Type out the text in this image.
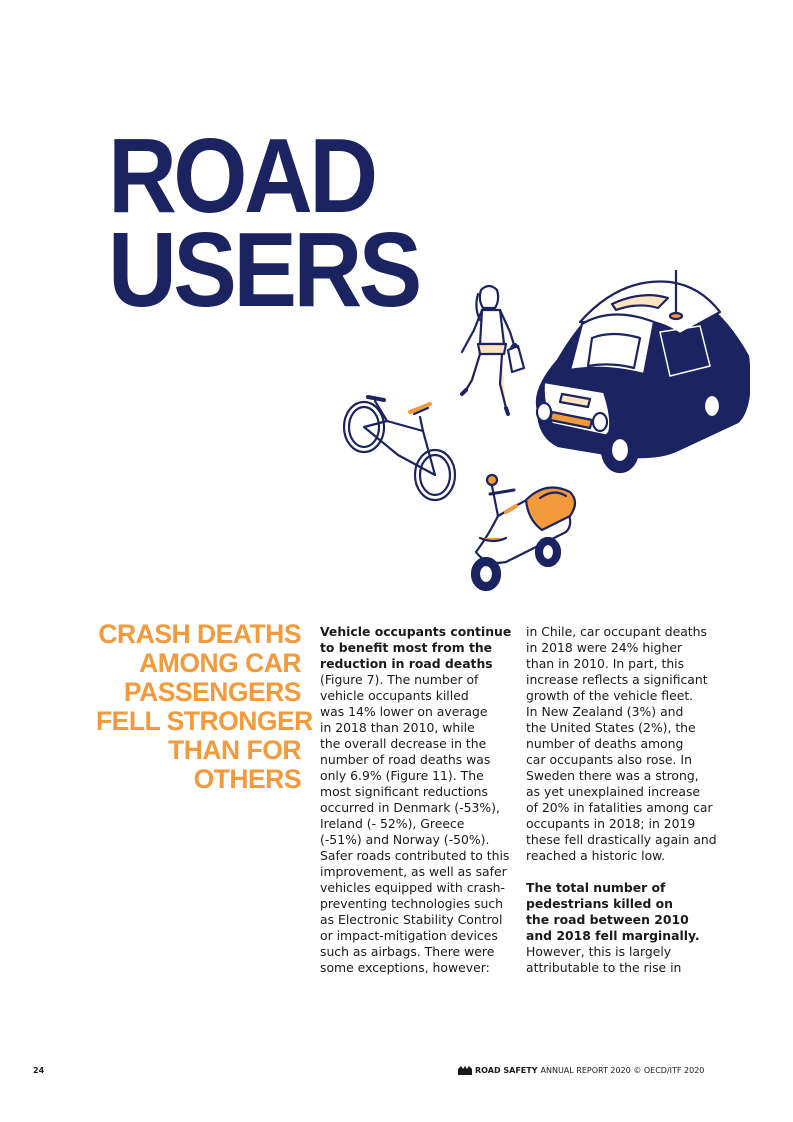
ROAD
USERS
CRASH DEATHS
AMONG CAR
PASSENGERS
FELL STRONGER
THAN FOR
OTHERS
Vehicle occupants continue
to benefit most from the
reduction in road deaths
(Figure 7). The number of
vehicle occupants killed
was 14% lower on average
in 2018 than 2010, while
the overall decrease in the
number of road deaths was
only 6.9% (Figure 11). The
most significant reductions
occurred in Denmark (-53%),
Ireland (- 52%), Greece
(-51%) and Norway (-50%).
Safer roads contributed to this
improvement, as well as safer
vehicles equipped with crash-
preventing technologies such
as Electronic Stability Control
or impact-mitigation devices
such as airbags. There were
some exceptions, however:
in Chile, car occupant deaths
in 2018 were 24% higher
than in 2010. In part, this
increase reflects a significant
growth of the vehicle fleet.
In New Zealand (3%) and
the United States (2%), the
number of deaths among
car occupants also rose. In
Sweden there was a strong,
as yet unexplained increase
of 20% in fatalities among car
occupants in 2018; in 2019
these fell drastically again and
reached a historic low.
The total number of
pedestrians killed on
the road between 2010
and 2018 fell marginally.
However, this is largely
attributable to the rise in
24	ROAD SAFETY ANNUAL REPORT 2020 © OECD/ITF 2020
